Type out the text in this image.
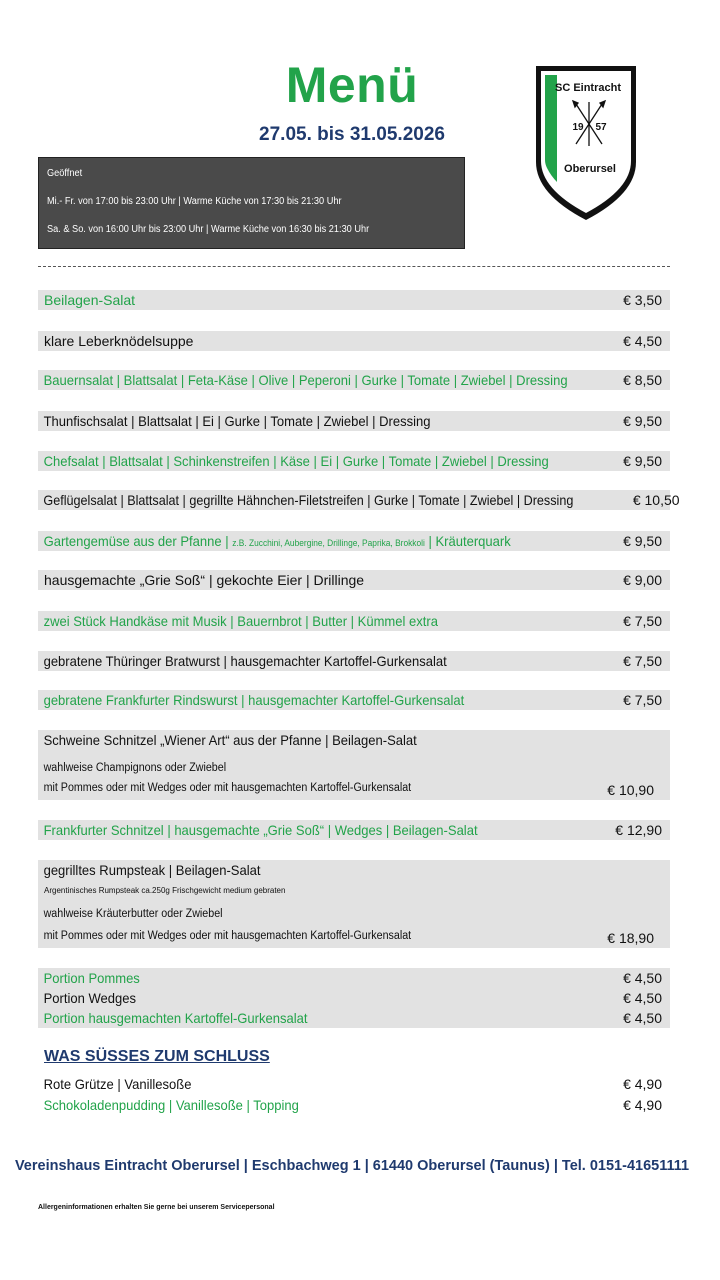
Menü
27.05. bis 31.05.2026
Geöffnet
Mi.- Fr. von 17:00 bis 23:00 Uhr | Warme Küche von 17:30 bis 21:30 Uhr
Sa. & So. von 16:00 Uhr bis 23:00 Uhr | Warme Küche von 16:30 bis 21:30 Uhr
SC Eintracht
19 57
Oberursel
Beilagen-Salat	€ 3,50
klare Leberknödelsuppe	€ 4,50
Bauernsalat | Blattsalat | Feta-Käse | Olive | Peperoni | Gurke | Tomate | Zwiebel | Dressing	€ 8,50
Thunfischsalat | Blattsalat | Ei | Gurke | Tomate | Zwiebel | Dressing	€ 9,50
Chefsalat | Blattsalat | Schinkenstreifen | Käse | Ei | Gurke | Tomate | Zwiebel | Dressing	€ 9,50
Geflügelsalat | Blattsalat | gegrillte Hähnchen-Filetstreifen | Gurke | Tomate | Zwiebel | Dressing	€ 10,50
Gartengemüse aus der Pfanne | z.B. Zucchini, Aubergine, Drillinge, Paprika, Brokkoli | Kräuterquark	€ 9,50
hausgemachte „Grie Soß“ | gekochte Eier | Drillinge	€ 9,00
zwei Stück Handkäse mit Musik | Bauernbrot | Butter | Kümmel extra	€ 7,50
gebratene Thüringer Bratwurst | hausgemachter Kartoffel-Gurkensalat	€ 7,50
gebratene Frankfurter Rindswurst | hausgemachter Kartoffel-Gurkensalat	€ 7,50
Schweine Schnitzel „Wiener Art“ aus der Pfanne | Beilagen-Salat
wahlweise Champignons oder Zwiebel
mit Pommes oder mit Wedges oder mit hausgemachten Kartoffel-Gurkensalat	€ 10,90
Frankfurter Schnitzel | hausgemachte „Grie Soß“ | Wedges | Beilagen-Salat	€ 12,90
gegrilltes Rumpsteak | Beilagen-Salat
Argentinisches Rumpsteak ca.250g Frischgewicht medium gebraten
wahlweise Kräuterbutter oder Zwiebel
mit Pommes oder mit Wedges oder mit hausgemachten Kartoffel-Gurkensalat	€ 18,90
Portion Pommes	€ 4,50
Portion Wedges	€ 4,50
Portion hausgemachten Kartoffel-Gurkensalat	€ 4,50
WAS SÜSSES ZUM SCHLUSS
Rote Grütze | Vanillesoße	€ 4,90
Schokoladenpudding | Vanillesoße | Topping	€ 4,90
Vereinshaus Eintracht Oberursel | Eschbachweg 1 | 61440 Oberursel (Taunus) | Tel. 0151-41651111
Allergeninformationen erhalten Sie gerne bei unserem Servicepersonal
